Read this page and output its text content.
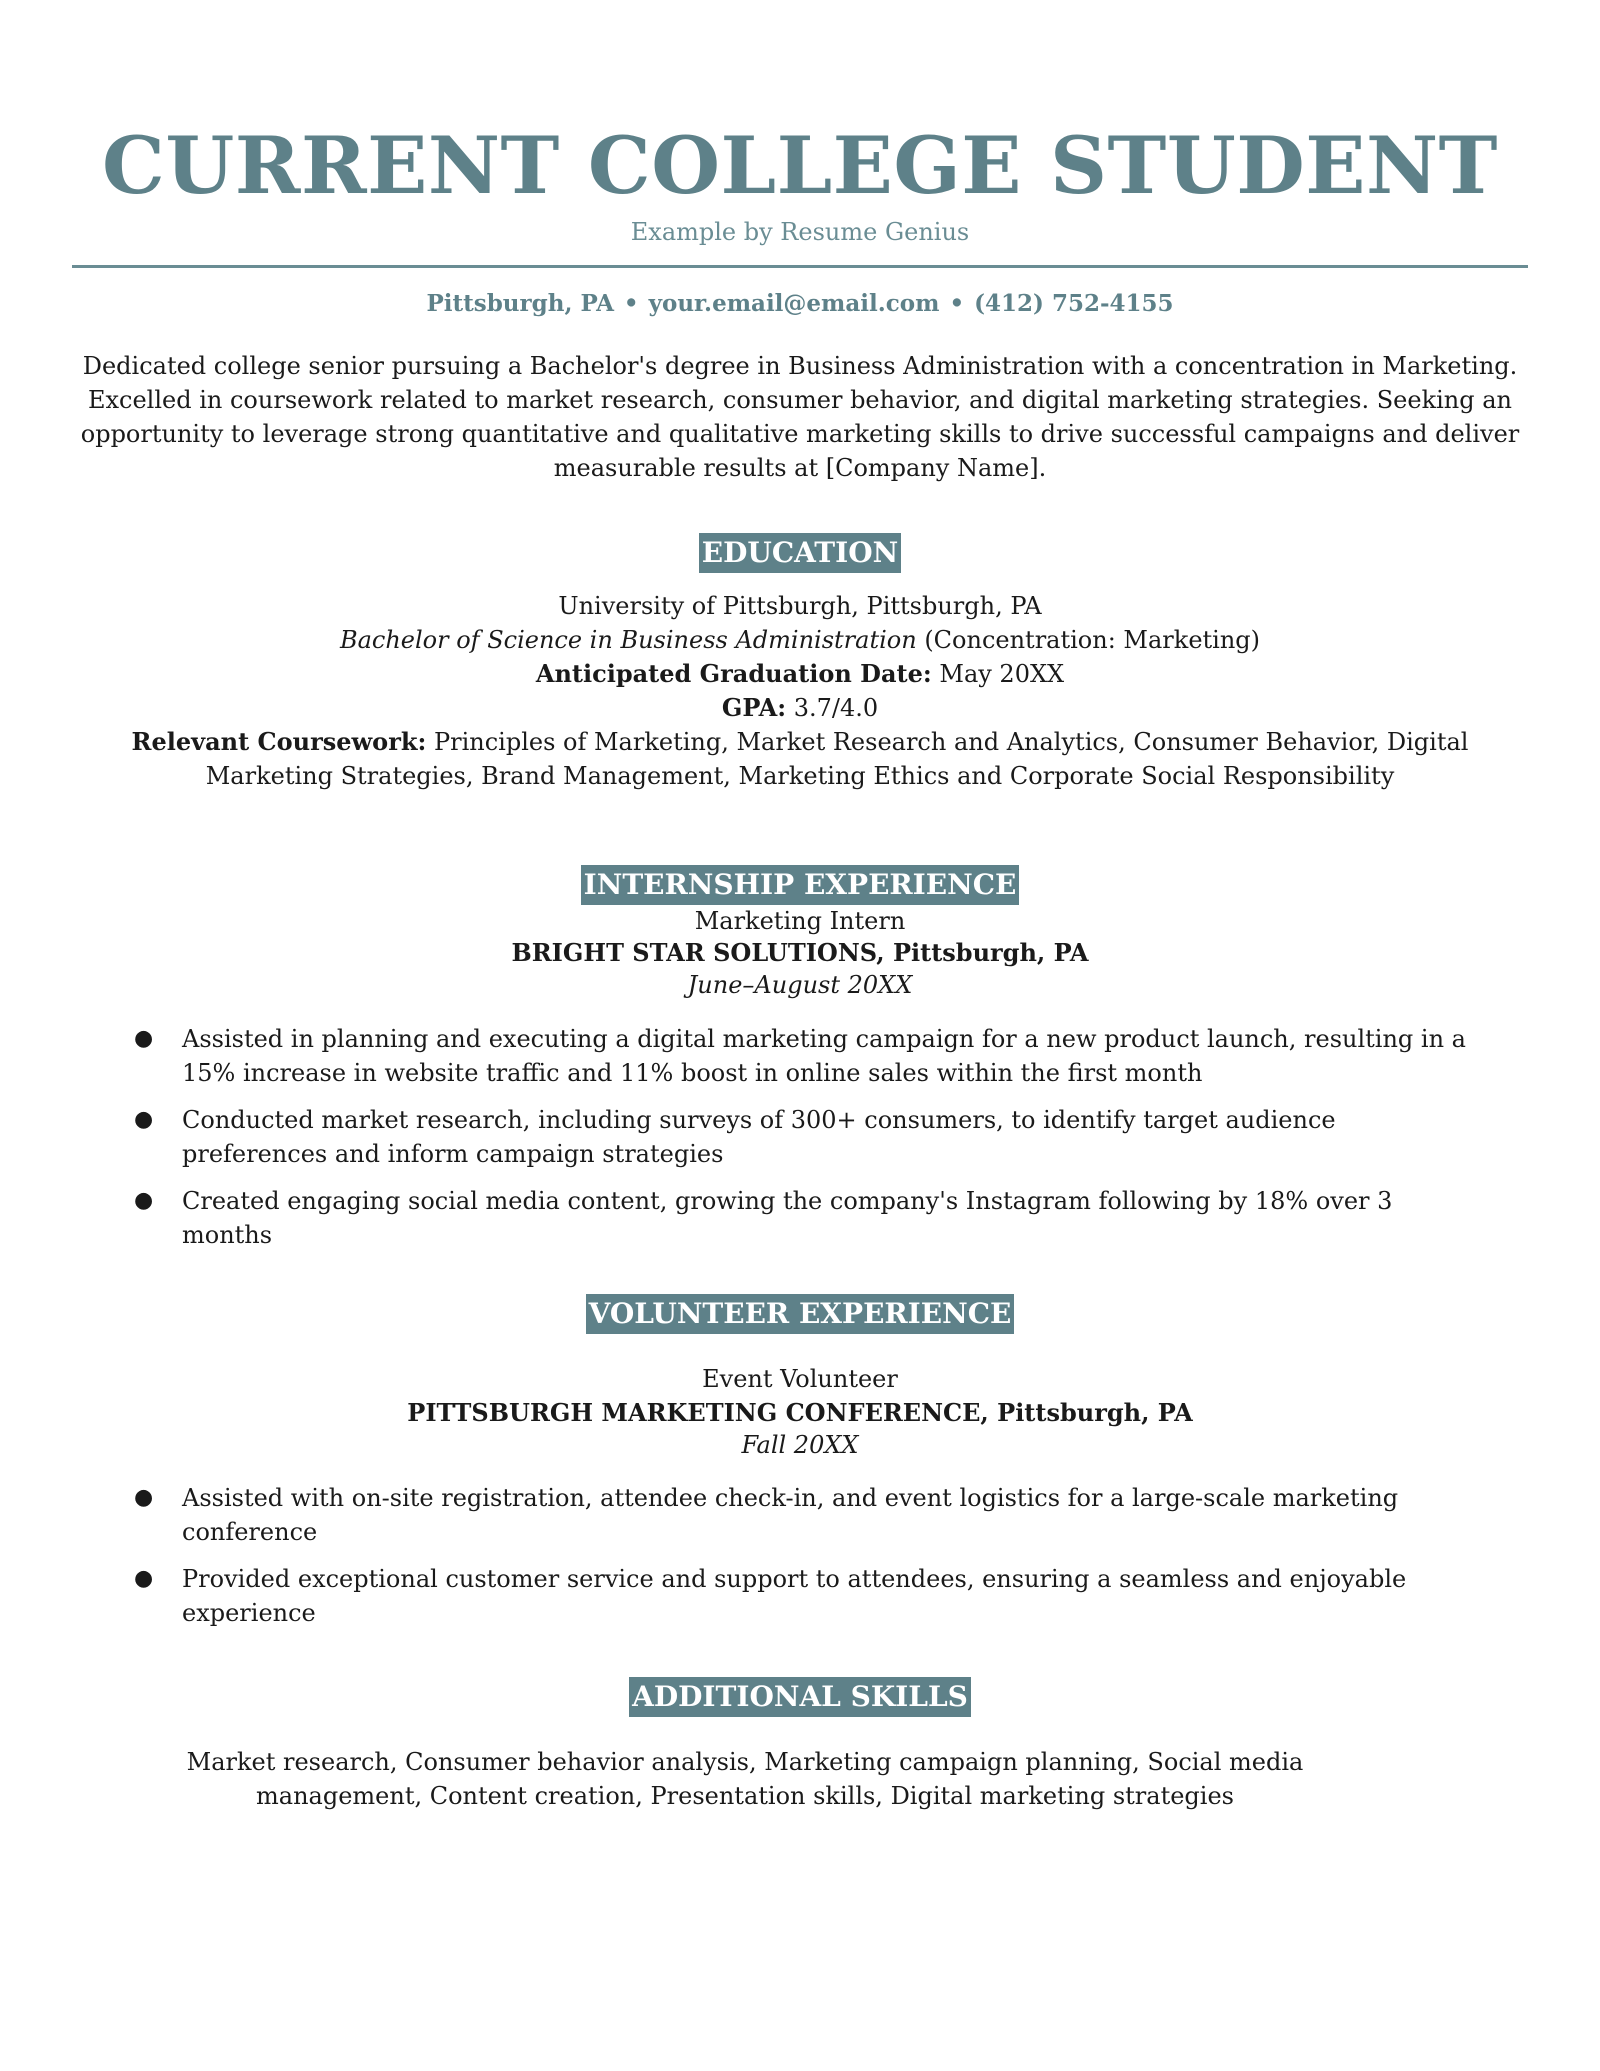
CURRENT COLLEGE STUDENT
Example by Resume Genius
Pittsburgh, PA • your.email@email.com • (412) 752-4155
Dedicated college senior pursuing a Bachelor's degree in Business Administration with a concentration in Marketing. Excelled in coursework related to market research, consumer behavior, and digital marketing strategies. Seeking an opportunity to leverage strong quantitative and qualitative marketing skills to drive successful campaigns and deliver measurable results at [Company Name].
EDUCATION
University of Pittsburgh, Pittsburgh, PA
Bachelor of Science in Business Administration (Concentration: Marketing)
Anticipated Graduation Date: May 20XX
GPA: 3.7/4.0
Relevant Coursework: Principles of Marketing, Market Research and Analytics, Consumer Behavior, Digital Marketing Strategies, Brand Management, Marketing Ethics and Corporate Social Responsibility
INTERNSHIP EXPERIENCE
Marketing Intern
BRIGHT STAR SOLUTIONS, Pittsburgh, PA
June–August 20XX
● Assisted in planning and executing a digital marketing campaign for a new product launch, resulting in a 15% increase in website traffic and 11% boost in online sales within the first month
● Conducted market research, including surveys of 300+ consumers, to identify target audience preferences and inform campaign strategies
● Created engaging social media content, growing the company's Instagram following by 18% over 3 months
VOLUNTEER EXPERIENCE
Event Volunteer
PITTSBURGH MARKETING CONFERENCE, Pittsburgh, PA
Fall 20XX
● Assisted with on-site registration, attendee check-in, and event logistics for a large-scale marketing conference
● Provided exceptional customer service and support to attendees, ensuring a seamless and enjoyable experience
ADDITIONAL SKILLS
Market research, Consumer behavior analysis, Marketing campaign planning, Social media management, Content creation, Presentation skills, Digital marketing strategies
